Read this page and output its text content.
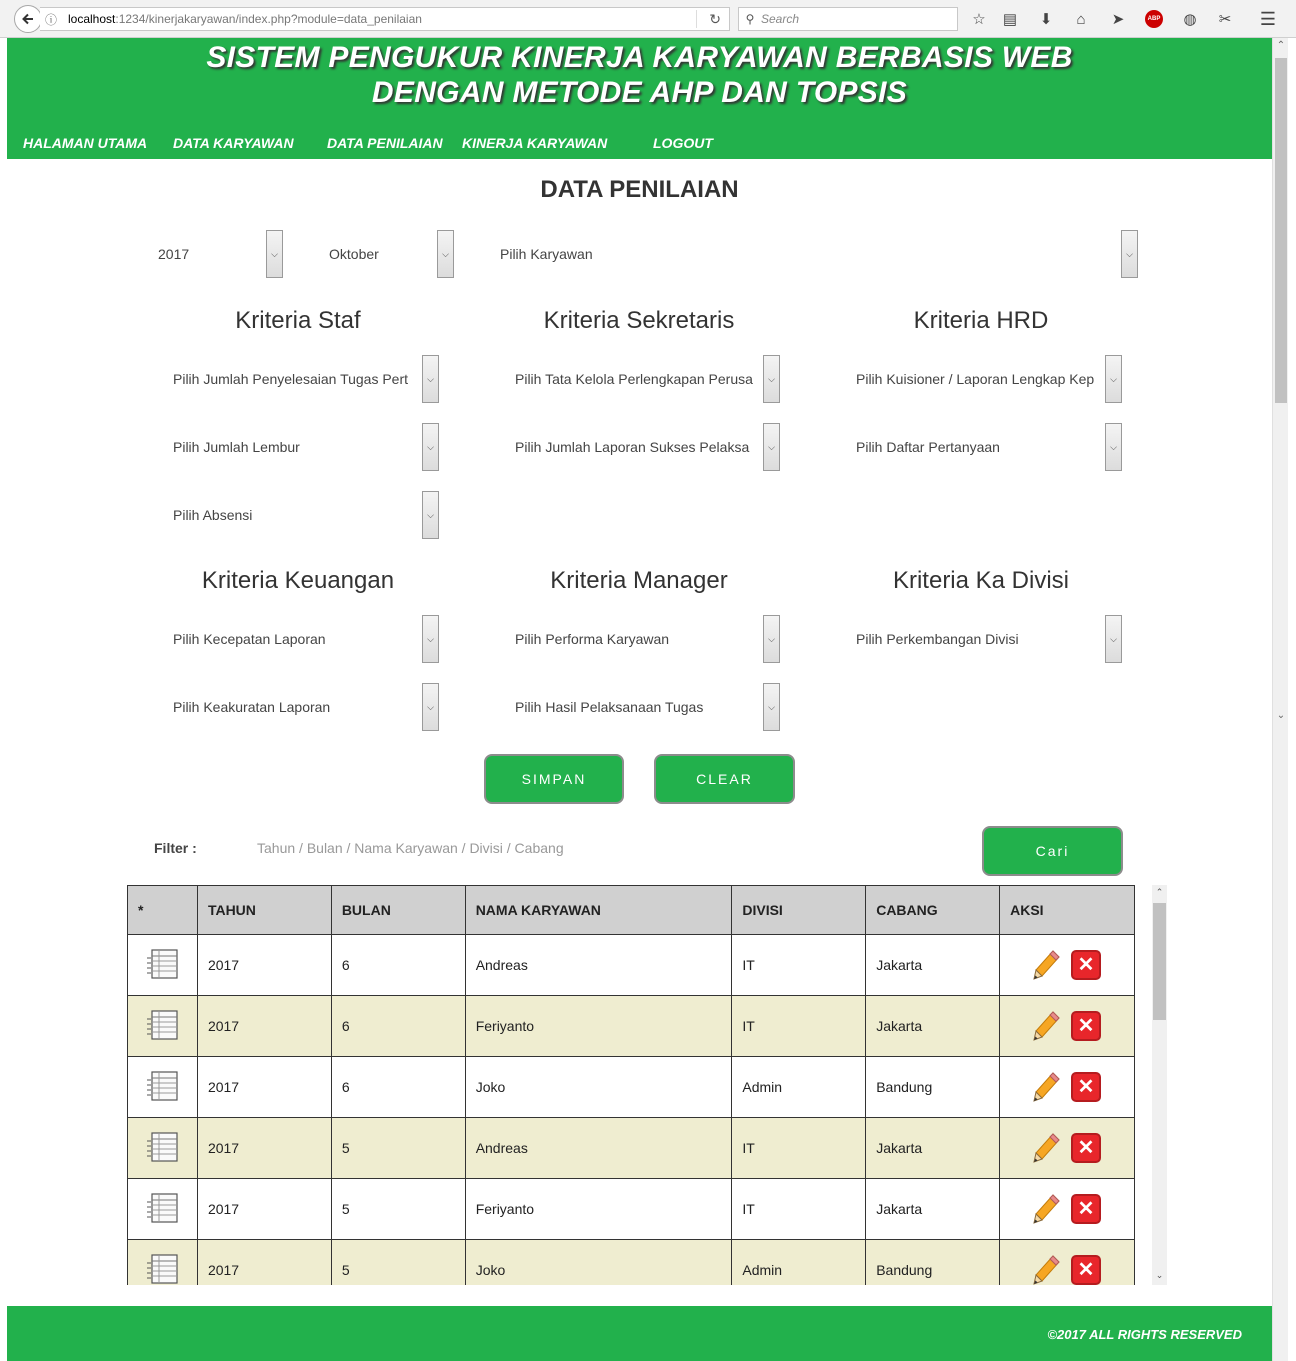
ⓘ localhost :1234/kinerjakaryawan/index.php?module=data_penilaian	↻	⚲ Search	☆ ▤ ⬇	⌂	➤	ABP ◍ ✂ ☰
⌃
⌄
SISTEM PENGUKUR KINERJA KARYAWAN BERBASIS WEB
DENGAN METODE AHP DAN TOPSIS
HALAMAN UTAMA DATA KARYAWAN DATA PENILAIAN KINERJA KARYAWAN	LOGOUT
DATA PENILAIAN
2017	⌵	Oktober	⌵	Pilih Karyawan	⌵
Kriteria Staf
Pilih Jumlah Penyelesaian Tugas Pert	⌵
Pilih Jumlah Lembur	⌵
Pilih Absensi	⌵
Kriteria Sekretaris
Pilih Tata Kelola Perlengkapan Perusa	⌵
Pilih Jumlah Laporan Sukses Pelaksa	⌵
Kriteria HRD
Pilih Kuisioner / Laporan Lengkap Kep	⌵
Pilih Daftar Pertanyaan	⌵
Kriteria Keuangan
Pilih Kecepatan Laporan	⌵
Pilih Keakuratan Laporan	⌵
Kriteria Manager
Pilih Performa Karyawan	⌵
Pilih Hasil Pelaksanaan Tugas	⌵
Kriteria Ka Divisi
Pilih Perkembangan Divisi	⌵
SIMPAN	CLEAR
Filter :	Tahun / Bulan / Nama Karyawan / Divisi / Cabang	Cari
*	TAHUN	BULAN	NAMA KARYAWAN	DIVISI	CABANG	AKSI
	2017	6	Andreas	IT	Jakarta	✕
	2017	6	Feriyanto	IT	Jakarta	✕
	2017	6	Joko	Admin	Bandung	✕
	2017	5	Andreas	IT	Jakarta	✕
	2017	5	Feriyanto	IT	Jakarta	✕
	2017	5	Joko	Admin	Bandung	✕
⌃
⌄
©2017 ALL RIGHTS RESERVED
